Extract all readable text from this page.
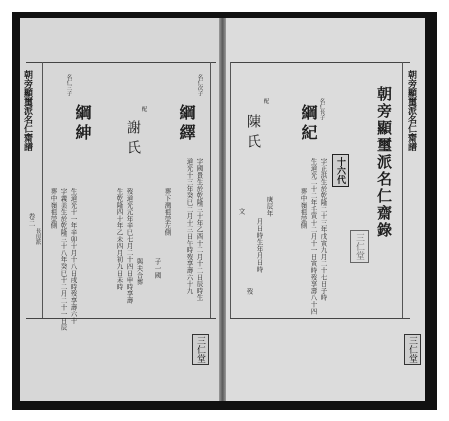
朝旁顯璽派名仁齋譜
卷二
長房派
三仁堂
名仁三子
綱紳
字義美生於乾隆三十八年癸巳十二月二十一日辰 生道光十一年辛卯十月十八日戌時歿享壽六十
葬中嶺祖塋側
配
謝氏
生乾隆四十年乙未四月初九日未時 歿道光元年辛巳七月二十四日申時享壽 與夫合葬
名仁次子
綱繹
字國貴生於乾隆三十年乙酉十二月十二日辰時生
道光十三年癸巳二月十三日午時歿享壽六十九
葬下灣祖塋左側
子一國
朝旁顯璽派名仁齋譜
三仁堂
配
陳氏
庚辰年
月日時生年月日時
歿
文
名仁長子
綱紀
字正洪生於乾隆二十三年戊寅九月二十七日子時
生道光二十二年壬寅十二月十一日寅時歿享壽八十四
葬中嶺祖塋側	朝旁顯璽派名仁齋錄
十六代
三仁堂
